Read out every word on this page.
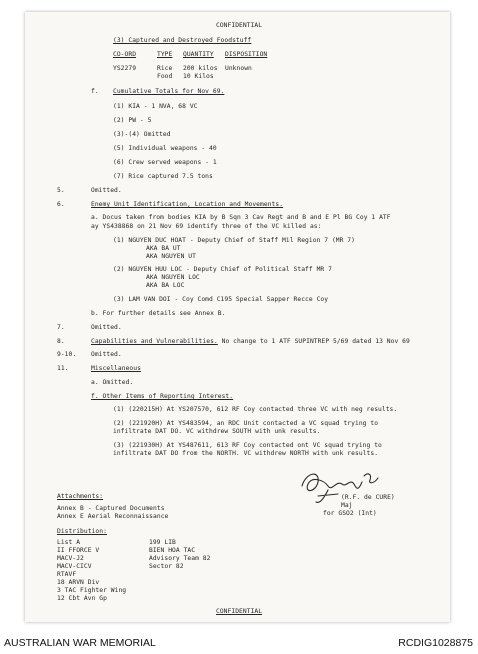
CONFIDENTIAL
(3) Captured and Destroyed Foodstuff
CO-ORD	TYPE QUANTITY DISPOSITION
YS2279	Rice 200 kilos Unknown
Food 10 Kilos
f. Cumulative Totals for Nov 69.
(1) KIA - 1 NVA, 68 VC
(2) PW - 5
(3)-(4) Omitted
(5) Individual weapons - 40
(6) Crew served weapons - 1
(7) Rice captured 7.5 tons
5.	Omitted.
6.	Enemy Unit Identification, Location and Movements.
a. Docus taken from bodies KIA by B Sqn 3 Cav Regt and B and E Pl BG Coy 1 ATF
ay YS438868 on 21 Nov 69 identify three of the VC killed as:
(1) NGUYEN DUC HOAT - Deputy Chief of Staff Mil Region 7 (MR 7)
AKA BA UT
AKA NGUYEN UT
(2) NGUYEN HUU LOC - Deputy Chief of Political Staff MR 7
AKA NGUYEN LOC
AKA BA LOC
(3) LAM VAN DOI - Coy Comd C195 Special Sapper Recce Coy
b. For further details see Annex B.
7.	Omitted.
8.	Capabilities and Vulnerabilities. No change to 1 ATF SUPINTREP 5/69 dated 13 Nov 69
9-10. Omitted.
11.	Miscellaneous
a. Omitted.
f. Other Items of Reporting Interest.
(1) (220215H) At YS207570, 612 RF Coy contacted three VC with neg results.
(2) (221920H) At YS483594, an RDC Unit contacted a VC squad trying to
infiltrate DAT DO. VC withdrew SOUTH with unk results.
(3) (221930H) At YS487611, 613 RF Coy contacted ont VC squad trying to
infiltrate DAT DO from the NORTH. VC withdrew NORTH with unk results.
(R.F. de CURE)
Maj
for GSO2 (Int)
Attachments:
Annex B - Captured Documents
Annex E Aerial Reconnaissance
Distribution:
List A
II FFORCE V
MACV-J2
MACV-CICV
RTAVF
18 ARVN Div
3 TAC Fighter Wing
12 Cbt Avn Gp
199 LIB
BIEN HOA TAC
Advisory Team 82
Sector 82
CONFIDENTIAL
AUSTRALIAN WAR MEMORIAL	RCDIG1028875
